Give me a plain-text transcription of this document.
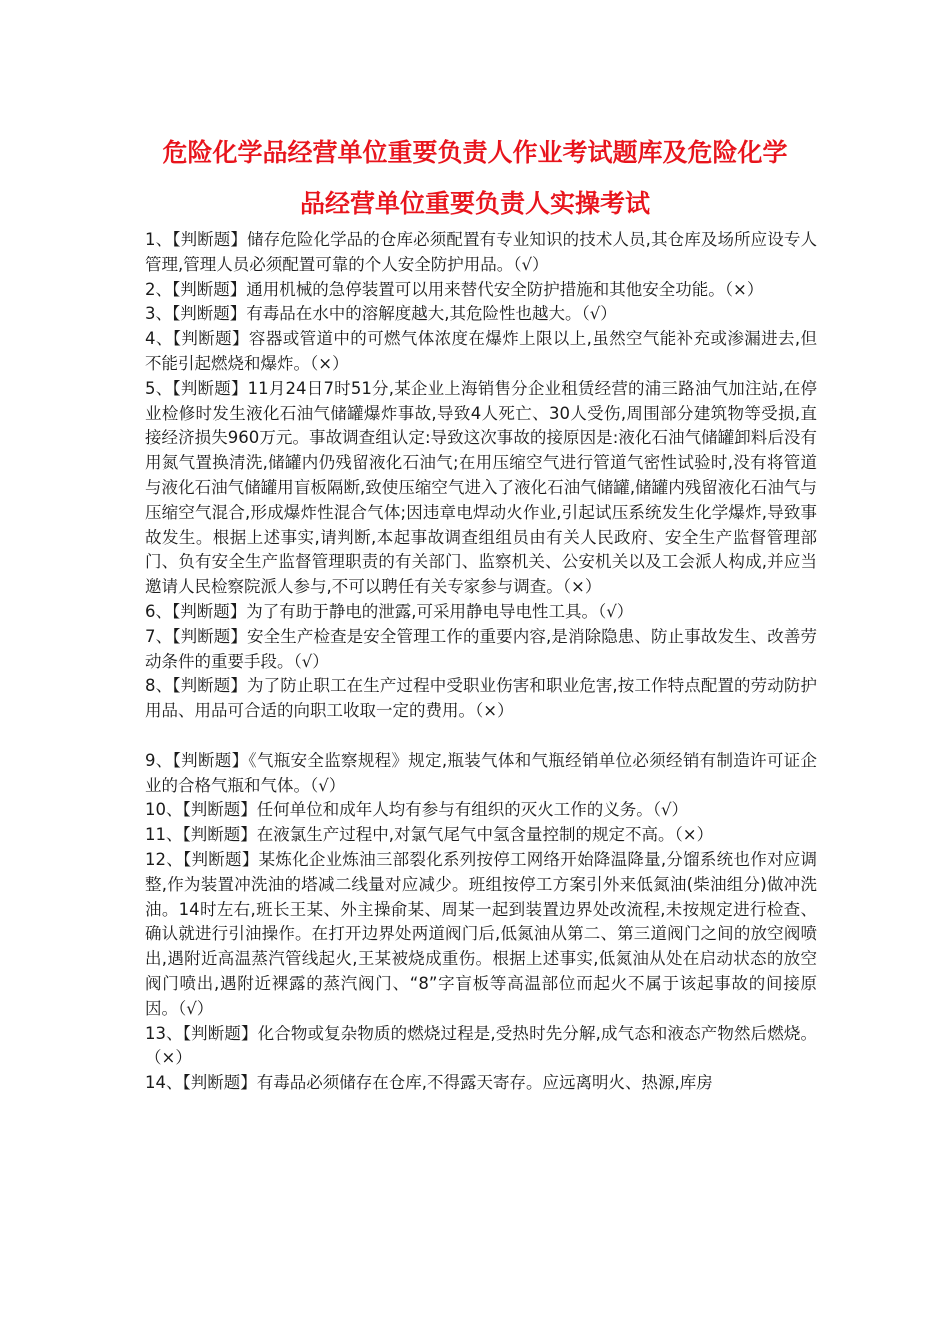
危险化学品经营单位重要负责人作业考试题库及危险化学
品经营单位重要负责人实操考试

1、【判断题】储存危险化学品的仓库必须配置有专业知识的技术人员,其仓库及场所应设专人管理,管理人员必须配置可靠的个人安全防护用品。（√）

2、【判断题】通用机械的急停装置可以用来替代安全防护措施和其他安全功能。（×）

3、【判断题】有毒品在水中的溶解度越大,其危险性也越大。（√）

4、【判断题】容器或管道中的可燃气体浓度在爆炸上限以上,虽然空气能补充或渗漏进去,但不能引起燃烧和爆炸。（×）

5、【判断题】11月24日7时51分,某企业上海销售分企业租赁经营的浦三路油气加注站,在停业检修时发生液化石油气储罐爆炸事故,导致4人死亡、30人受伤,周围部分建筑物等受损,直接经济损失960万元。事故调查组认定:导致这次事故的接原因是:液化石油气储罐卸料后没有用氮气置换清洗,储罐内仍残留液化石油气;在用压缩空气进行管道气密性试验时,没有将管道与液化石油气储罐用盲板隔断,致使压缩空气进入了液化石油气储罐,储罐内残留液化石油气与压缩空气混合,形成爆炸性混合气体;因违章电焊动火作业,引起试压系统发生化学爆炸,导致事故发生。根据上述事实,请判断,本起事故调查组组员由有关人民政府、安全生产监督管理部门、负有安全生产监督管理职责的有关部门、监察机关、公安机关以及工会派人构成,并应当邀请人民检察院派人参与,不可以聘任有关专家参与调查。（×）

6、【判断题】为了有助于静电的泄露,可采用静电导电性工具。（√）

7、【判断题】安全生产检查是安全管理工作的重要内容,是消除隐患、防止事故发生、改善劳动条件的重要手段。（√）

8、【判断题】为了防止职工在生产过程中受职业伤害和职业危害,按工作特点配置的劳动防护用品、用品可合适的向职工收取一定的费用。（×）

9、【判断题】《气瓶安全监察规程》规定,瓶装气体和气瓶经销单位必须经销有制造许可证企业的合格气瓶和气体。（√）

10、【判断题】任何单位和成年人均有参与有组织的灭火工作的义务。（√）

11、【判断题】在液氯生产过程中,对氯气尾气中氢含量控制的规定不高。（×）

12、【判断题】某炼化企业炼油三部裂化系列按停工网络开始降温降量,分馏系统也作对应调整,作为装置冲洗油的塔减二线量对应减少。班组按停工方案引外来低氮油(柴油组分)做冲洗油。14时左右,班长王某、外主操俞某、周某一起到装置边界处改流程,未按规定进行检查、确认就进行引油操作。在打开边界处两道阀门后,低氮油从第二、第三道阀门之间的放空阀喷出,遇附近高温蒸汽管线起火,王某被烧成重伤。根据上述事实,低氮油从处在启动状态的放空阀门喷出,遇附近裸露的蒸汽阀门、“8”字盲板等高温部位而起火不属于该起事故的间接原因。（√）

13、【判断题】化合物或复杂物质的燃烧过程是,受热时先分解,成气态和液态产物然后燃烧。（×）

14、【判断题】有毒品必须储存在仓库,不得露天寄存。应远离明火、热源,库房
